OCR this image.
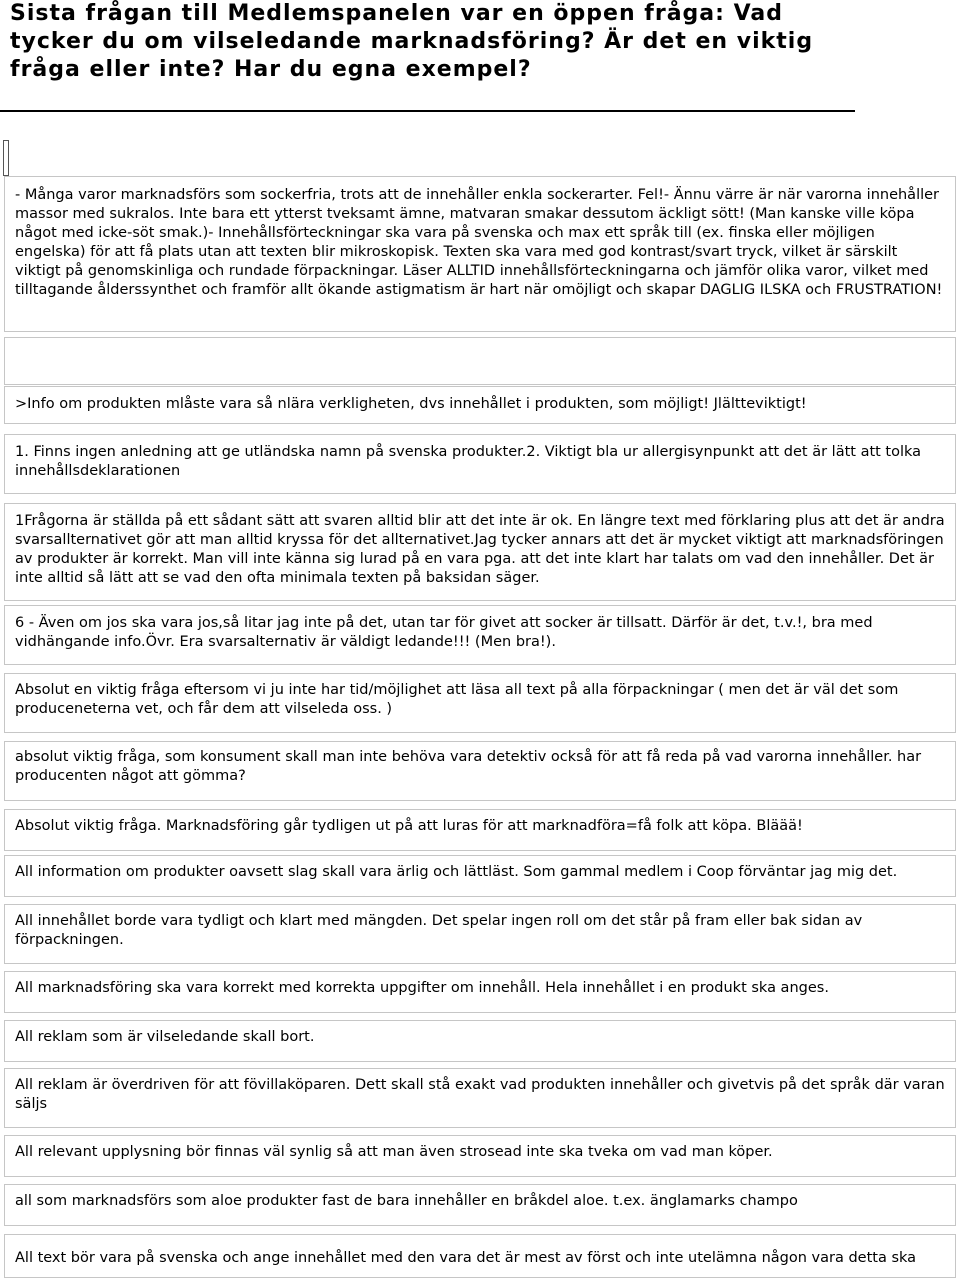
Sista frågan till Medlemspanelen var en öppen fråga: Vad tycker du om vilseledande marknadsföring? Är det en viktig fråga eller inte? Har du egna exempel?

- Många varor marknadsförs som sockerfria, trots att de innehåller enkla sockerarter. Fel!- Ännu värre är när varorna innehåller massor med sukralos. Inte bara ett ytterst tveksamt ämne, matvaran smakar dessutom äckligt sött! (Man kanske ville köpa något med icke-söt smak.)- Innehållsförteckningar ska vara på svenska och max ett språk till (ex. finska eller möjligen engelska) för att få plats utan att texten blir mikroskopisk. Texten ska vara med god kontrast/svart tryck, vilket är särskilt viktigt på genomskinliga och rundade förpackningar. Läser ALLTID innehållsförteckningarna och jämför olika varor, vilket med tilltagande ålderssynthet och framför allt ökande astigmatism är hart när omöjligt och skapar DAGLIG ILSKA och FRUSTRATION!

>Info om produkten mlåste vara så nlära verkligheten, dvs innehållet i produkten, som möjligt! Jlältteviktigt!

1. Finns ingen anledning att ge utländska namn på svenska produkter.2. Viktigt bla ur allergisynpunkt att det är lätt att tolka innehållsdeklarationen

1Frågorna är ställda på ett sådant sätt att svaren alltid blir att det inte är ok. En längre text med förklaring plus att det är andra svarsallternativet gör att man alltid kryssa för det allternativet.Jag tycker annars att det är mycket viktigt att marknadsföringen av produkter är korrekt. Man vill inte känna sig lurad på en vara pga. att det inte klart har talats om vad den innehåller. Det är inte alltid så lätt att se vad den ofta minimala texten på baksidan säger.

6 - Även om jos ska vara jos,så litar jag inte på det, utan tar för givet att socker är tillsatt. Därför är det, t.v.!, bra med vidhängande info.Övr. Era svarsalternativ är väldigt ledande!!! (Men bra!).

Absolut en viktig fråga eftersom vi ju inte har tid/möjlighet att läsa all text på alla förpackningar ( men det är väl det som produceneterna vet, och får dem att vilseleda oss. )

absolut viktig fråga, som konsument skall man inte behöva vara detektiv också för att få reda på vad varorna innehåller. har producenten något att gömma?

Absolut viktig fråga. Marknadsföring går tydligen ut på att luras för att marknadföra=få folk att köpa. Bläää!

All information om produkter oavsett slag skall vara ärlig och lättläst. Som gammal medlem i Coop förväntar jag mig det.

All innehållet borde vara tydligt och klart med mängden. Det spelar ingen roll om det står på fram eller bak sidan av förpackningen.

All marknadsföring ska vara korrekt med korrekta uppgifter om innehåll. Hela innehållet i en produkt ska anges.

All reklam som är vilseledande skall bort.

All reklam är överdriven för att fövillaköparen. Dett skall stå exakt vad produkten innehåller och givetvis på det språk där varan säljs

All relevant upplysning bör finnas väl synlig så att man även strosead inte ska tveka om vad man köper.

all som marknadsförs som aloe produkter fast de bara innehåller en bråkdel aloe. t.ex. änglamarks champo

All text bör vara på svenska och ange innehållet med den vara det är mest av först och inte utelämna någon vara detta ska
